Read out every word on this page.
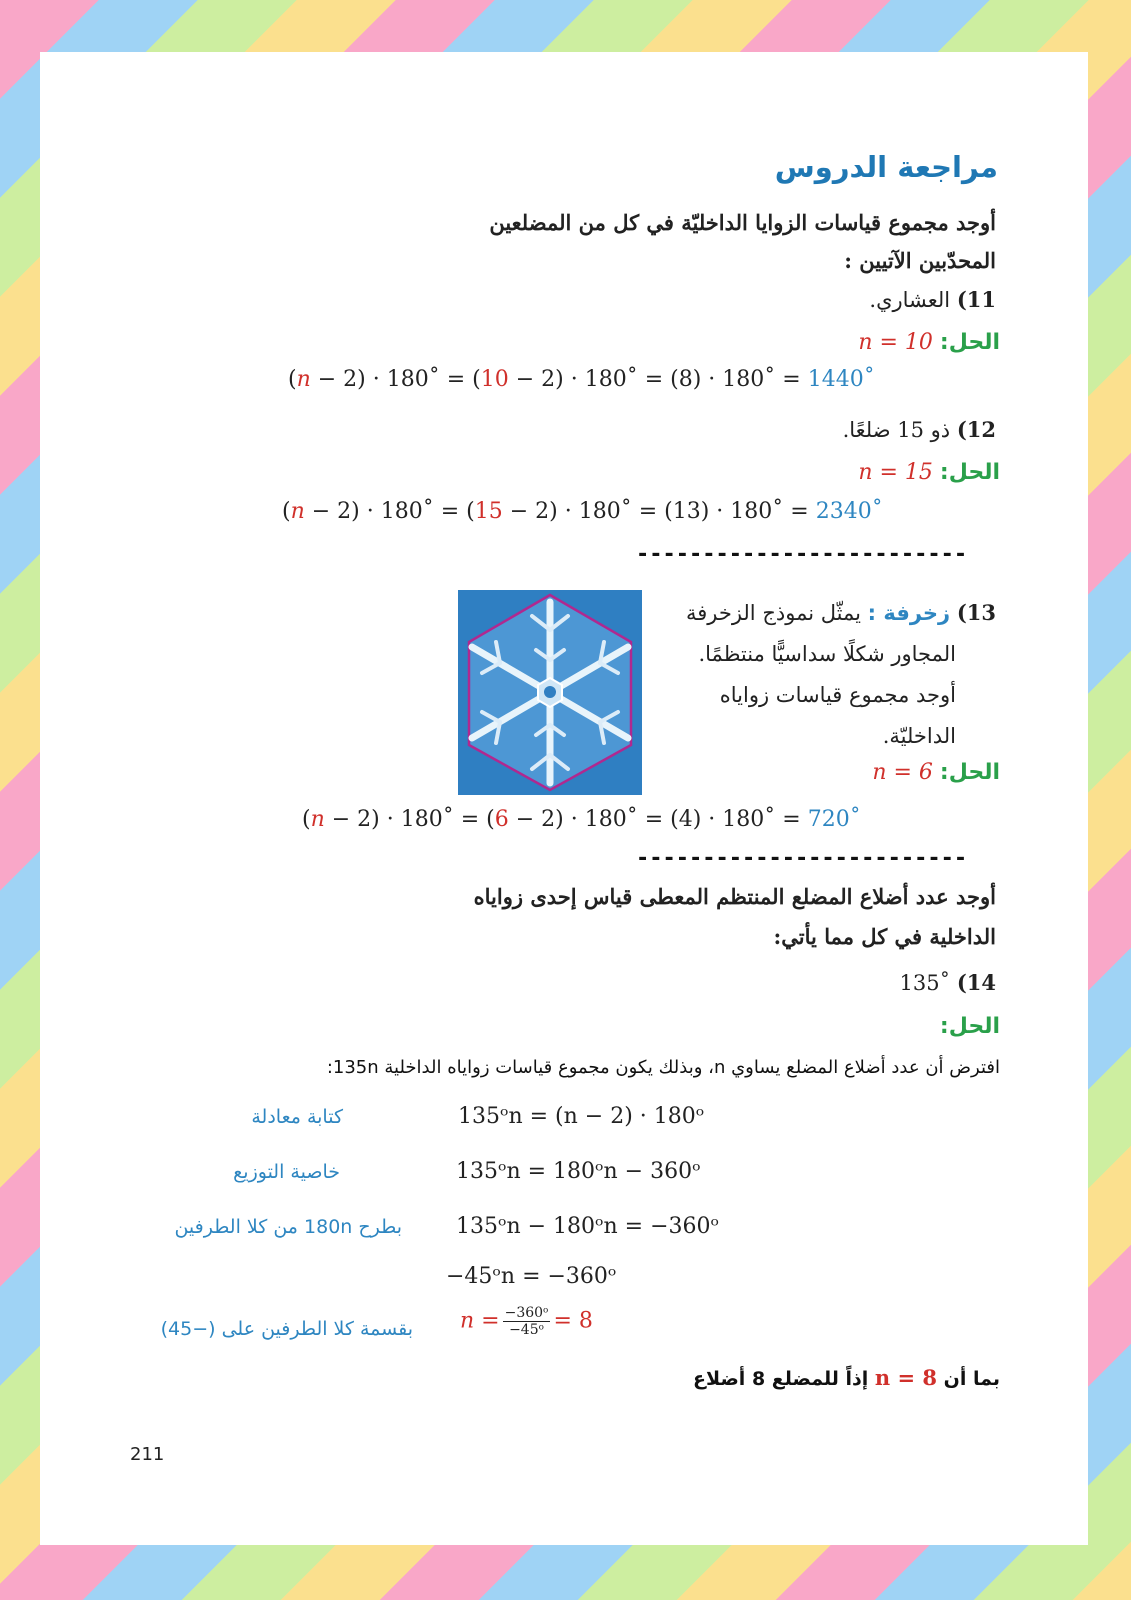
مراجعة الدروس
أوجد مجموع قياسات الزوايا الداخليّة في كل من المضلعين
المحدّبين الآتيين :
11) العشاري.
الحل: n = 10
(n − 2) · 180˚ = (10 − 2) · 180˚ = (8) · 180˚ = 1440˚
12) ذو 15 ضلعًا.
الحل: n = 15
(n − 2) · 180˚ = (15 − 2) · 180˚ = (13) · 180˚ = 2340˚
-------------------------
13) زخرفة : يمثّل نموذج الزخرفة
المجاور شكلًا سداسيًّا منتظمًا.
أوجد مجموع قياسات زواياه
الداخليّة.
الحل: n = 6
(n − 2) · 180˚ = (6 − 2) · 180˚ = (4) · 180˚ = 720˚
-------------------------
أوجد عدد أضلاع المضلع المنتظم المعطى قياس إحدى زواياه
الداخلية في كل مما يأتي:
14) 135˚
الحل:
افترض أن عدد أضلاع المضلع يساوي n، وبذلك يكون مجموع قياسات زواياه الداخلية 135n:
135ᵒn = (n − 2) · 180ᵒ
كتابة معادلة
135ᵒn = 180ᵒn − 360ᵒ
خاصية التوزيع
135ᵒn − 180ᵒn = −360ᵒ
بطرح 180n من كلا الطرفين
−45ᵒn = −360ᵒ
$n = \frac{\text{−360ᵒ}}{\text{−45ᵒ}} = 8$
بقسمة كلا الطرفين على (−45)
بما أن n = 8 إذاً للمضلع 8 أضلاع
211
